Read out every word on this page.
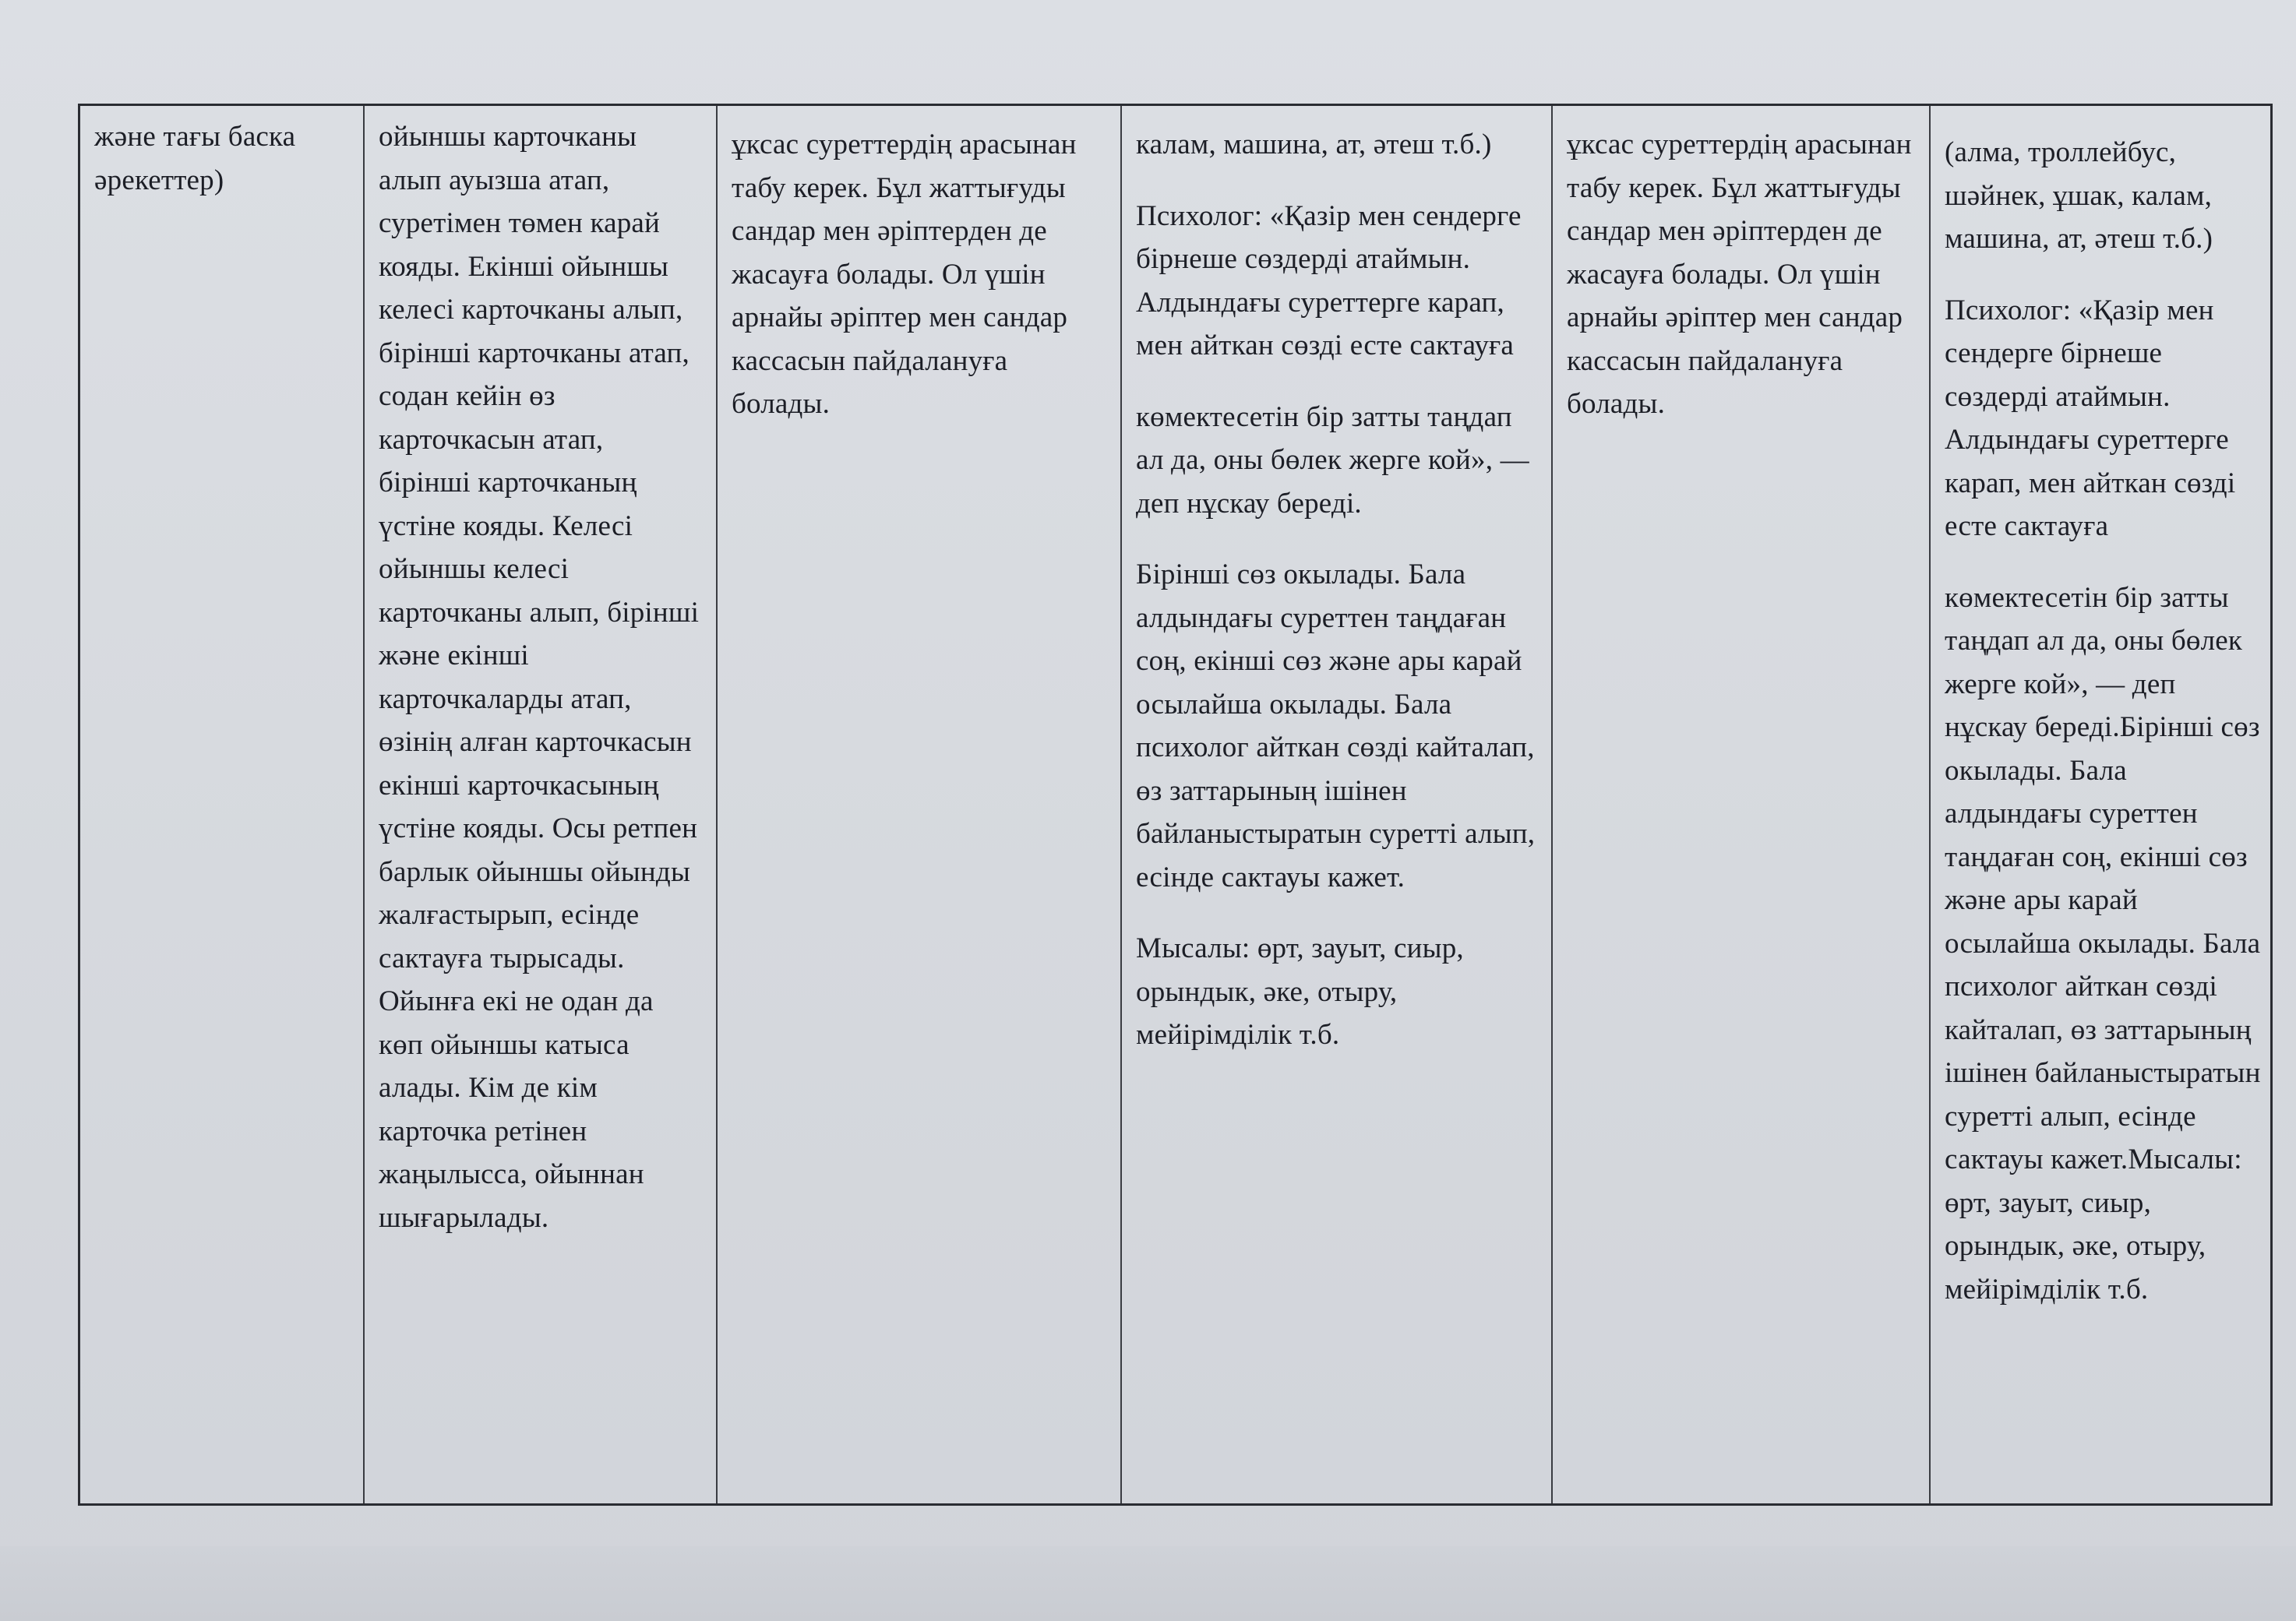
және тағы баска әрекеттер)

ойыншы карточканы алып ауызша атап, суретімен төмен карай кояды. Екінші ойыншы келесі карточканы алып, бірінші карточканы атап, содан кейін өз карточкасын атап, бірінші карточканың үстіне кояды. Келесі ойыншы келесі карточканы алып, бірінші және екінші карточкаларды атап, өзінің алған карточкасын екінші карточкасының үстіне кояды. Осы ретпен барлык ойыншы ойынды жалғастырып, есінде сактауға тырысады. Ойынға екі не одан да көп ойыншы катыса алады. Кім де кім карточка ретінен жаңылысса, ойыннан шығарылады.

ұксас суреттердің арасынан табу керек. Бұл жаттығуды сандар мен әріптерден де жасауға болады. Ол үшін арнайы әріптер мен сандар кассасын пайдалануға болады.

калам, машина, ат, әтеш т.б.)

Психолог: «Қазір мен сендерге бірнеше сөздерді атаймын. Алдындағы суреттерге карап, мен айткан сөзді есте сактауға

көмектесетін бір затты таңдап ал да, оны бөлек жерге кой», — деп нұскау береді.

Бірінші сөз окылады. Бала алдындағы суреттен таңдаған соң, екінші сөз және ары карай осылайша окылады. Бала психолог айткан сөзді кайталап, өз заттарының ішінен байланыстыратын суретті алып, есінде сактауы кажет.

Мысалы: өрт, зауыт, сиыр, орындык, әке, отыру, мейірімділік т.б.

ұксас суреттердің арасынан табу керек. Бұл жаттығуды сандар мен әріптерден де жасауға болады. Ол үшін арнайы әріптер мен сандар кассасын пайдалануға болады.

(алма, троллейбус, шәйнек, ұшак, калам, машина, ат, әтеш т.б.)

Психолог: «Қазір мен сендерге бірнеше сөздерді атаймын. Алдындағы суреттерге карап, мен айткан сөзді есте сактауға

көмектесетін бір затты таңдап ал да, оны бөлек жерге кой», — деп нұскау береді.Бірінші сөз окылады. Бала алдындағы суреттен таңдаған соң, екінші сөз және ары карай осылайша окылады. Бала психолог айткан сөзді кайталап, өз заттарының ішінен байланыстыратын суретті алып, есінде сактауы кажет.Мысалы: өрт, зауыт, сиыр, орындык, әке, отыру, мейірімділік т.б.
